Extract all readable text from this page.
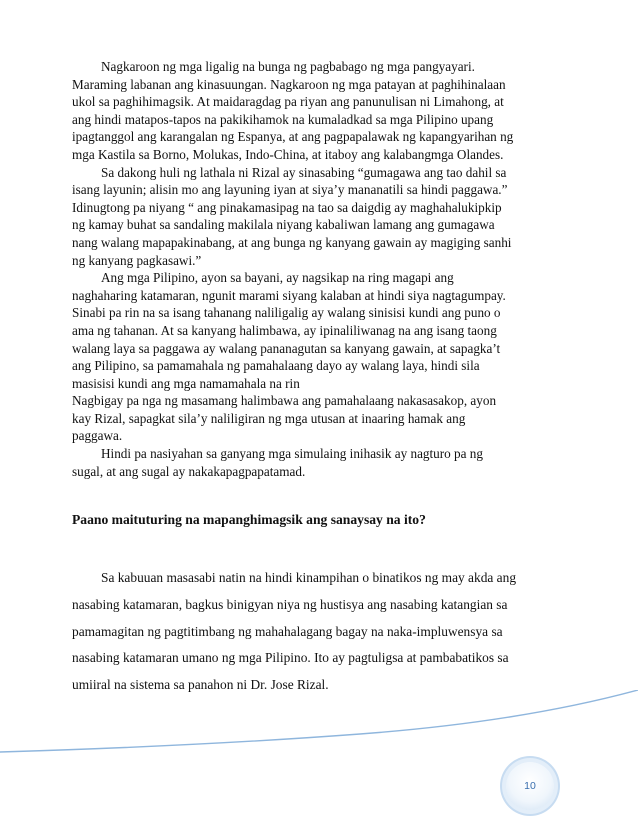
Nagkaroon ng mga ligalig na bunga ng pagbabago ng mga pangyayari.
Maraming labanan ang kinasuungan. Nagkaroon ng mga patayan at paghihinalaan
ukol sa paghihimagsik. At maidaragdag pa riyan ang panunulisan ni Limahong, at
ang hindi matapos-tapos na pakikihamok na kumaladkad sa mga Pilipino upang
ipagtanggol ang karangalan ng Espanya, at ang pagpapalawak ng kapangyarihan ng
mga Kastila sa Borno, Molukas, Indo-China, at itaboy ang kalabangmga Olandes.
Sa dakong huli ng lathala ni Rizal ay sinasabing “gumagawa ang tao dahil sa
isang layunin; alisin mo ang layuning iyan at siya’y mananatili sa hindi paggawa.”
Idinugtong pa niyang “ ang pinakamasipag na tao sa daigdig ay maghahalukipkip
ng kamay buhat sa sandaling makilala niyang kabaliwan lamang ang gumagawa
nang walang mapapakinabang, at ang bunga ng kanyang gawain ay magiging sanhi
ng kanyang pagkasawi.”
Ang mga Pilipino, ayon sa bayani, ay nagsikap na ring magapi ang
naghaharing katamaran, ngunit marami siyang kalaban at hindi siya nagtagumpay.
Sinabi pa rin na sa isang tahanang naliligalig ay walang sinisisi kundi ang puno o
ama ng tahanan. At sa kanyang halimbawa, ay ipinaliliwanag na ang isang taong
walang laya sa paggawa ay walang pananagutan sa kanyang gawain, at sapagka’t
ang Pilipino, sa pamamahala ng pamahalaang dayo ay walang laya, hindi sila
masisisi kundi ang mga namamahala na rin
Nagbigay pa nga ng masamang halimbawa ang pamahalaang nakasasakop, ayon
kay Rizal, sapagkat sila’y naliligiran ng mga utusan at inaaring hamak ang
paggawa.
Hindi pa nasiyahan sa ganyang mga simulaing inihasik ay nagturo pa ng
sugal, at ang sugal ay nakakapagpapatamad.
Paano maituturing na mapanghimagsik ang sanaysay na ito?
Sa kabuuan masasabi natin na hindi kinampihan o binatikos ng may akda ang
nasabing katamaran, bagkus binigyan niya ng hustisya ang nasabing katangian sa
pamamagitan ng pagtitimbang ng mahahalagang bagay na naka-impluwensya sa
nasabing katamaran umano ng mga Pilipino. Ito ay pagtuligsa at pambabatikos sa
umiiral na sistema sa panahon ni Dr. Jose Rizal.
10
